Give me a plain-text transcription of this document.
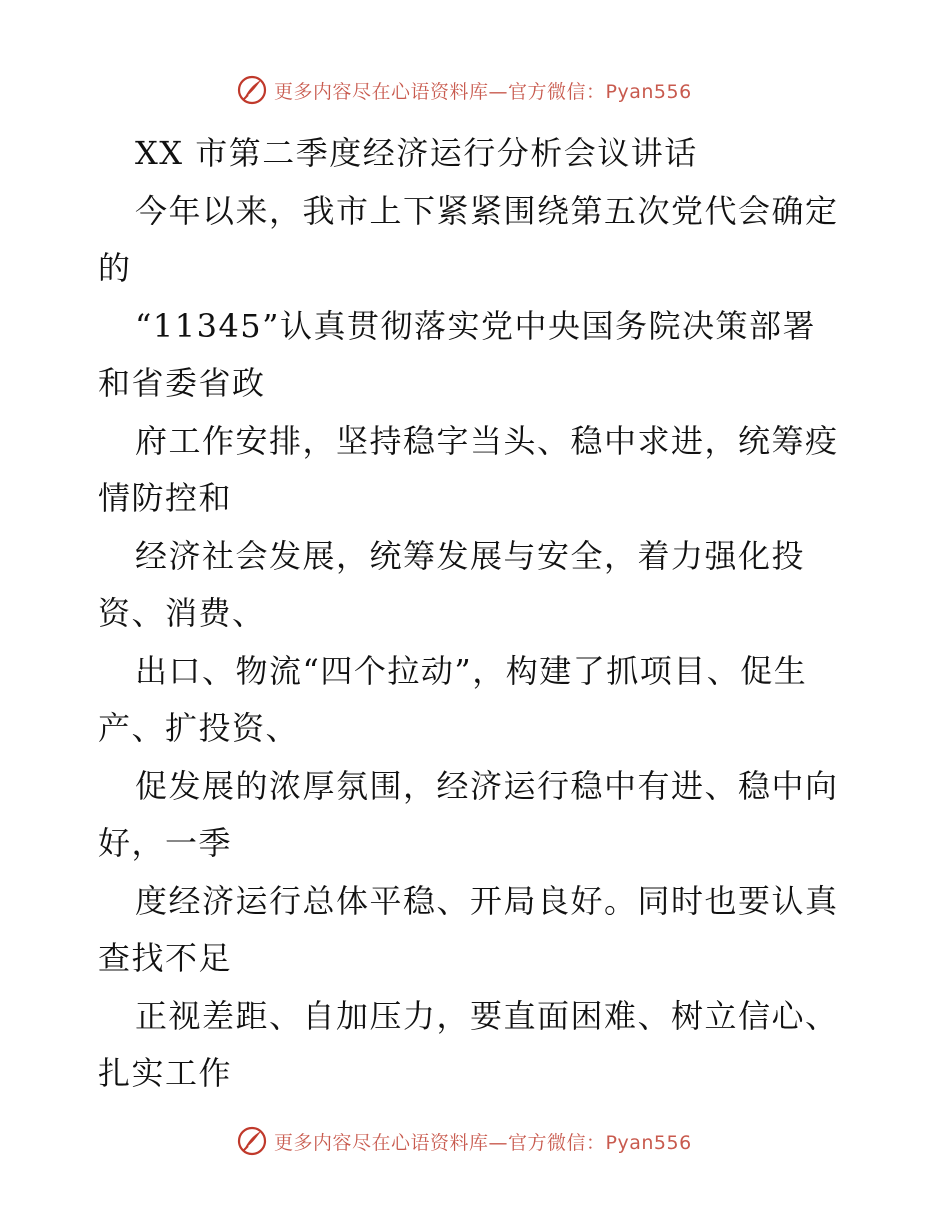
更多内容尽在心语资料库—官方微信：Pyan556
XX 市第二季度经济运行分析会议讲话
今年以来，我市上下紧紧围绕第五次党代会确定
的
“11345”认真贯彻落实党中央国务院决策部署
和省委省政
府工作安排，坚持稳字当头、稳中求进，统筹疫
情防控和
经济社会发展，统筹发展与安全，着力强化投
资、消费、
出口、物流“四个拉动”，构建了抓项目、促生
产、扩投资、
促发展的浓厚氛围，经济运行稳中有进、稳中向
好，一季
度经济运行总体平稳、开局良好。同时也要认真
查找不足
正视差距、自加压力，要直面困难、树立信心、
扎实工作
更多内容尽在心语资料库—官方微信：Pyan556
